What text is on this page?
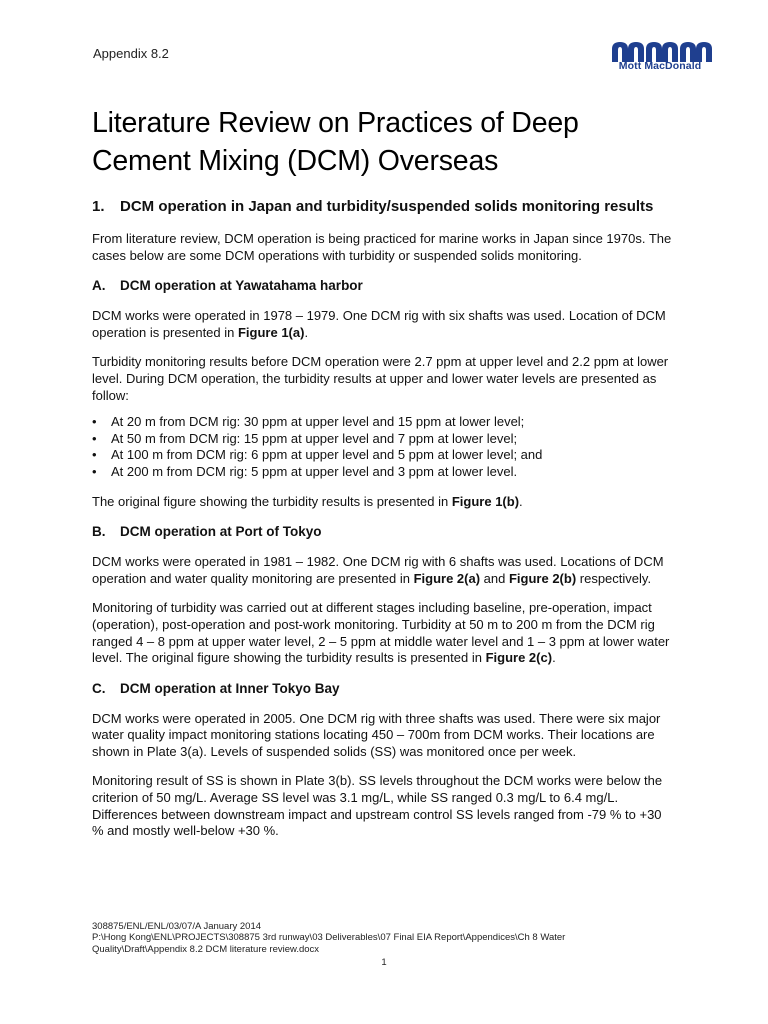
Appendix 8.2
Mott MacDonald
Literature Review on Practices of Deep Cement Mixing (DCM) Overseas
1.	DCM operation in Japan and turbidity/suspended solids monitoring results

From literature review, DCM operation is being practiced for marine works in Japan since 1970s. The cases below are some DCM operations with turbidity or suspended solids monitoring.

A.	DCM operation at Yawatahama harbor

DCM works were operated in 1978 – 1979. One DCM rig with six shafts was used. Location of DCM operation is presented in Figure 1(a).

Turbidity monitoring results before DCM operation were 2.7 ppm at upper level and 2.2 ppm at lower level. During DCM operation, the turbidity results at upper and lower water levels are presented as follow:

• At 20 m from DCM rig: 30 ppm at upper level and 15 ppm at lower level;
• At 50 m from DCM rig: 15 ppm at upper level and 7 ppm at lower level;
• At 100 m from DCM rig: 6 ppm at upper level and 5 ppm at lower level; and
• At 200 m from DCM rig: 5 ppm at upper level and 3 ppm at lower level.

The original figure showing the turbidity results is presented in Figure 1(b).

B.	DCM operation at Port of Tokyo

DCM works were operated in 1981 – 1982. One DCM rig with 6 shafts was used. Locations of DCM operation and water quality monitoring are presented in Figure 2(a) and Figure 2(b) respectively.

Monitoring of turbidity was carried out at different stages including baseline, pre-operation, impact (operation), post-operation and post-work monitoring. Turbidity at 50 m to 200 m from the DCM rig ranged 4 – 8 ppm at upper water level, 2 – 5 ppm at middle water level and 1 – 3 ppm at lower water level. The original figure showing the turbidity results is presented in Figure 2(c).

C.	DCM operation at Inner Tokyo Bay

DCM works were operated in 2005. One DCM rig with three shafts was used. There were six major water quality impact monitoring stations locating 450 – 700m from DCM works. Their locations are shown in Plate 3(a). Levels of suspended solids (SS) was monitored once per week.

Monitoring result of SS is shown in Plate 3(b). SS levels throughout the DCM works were below the criterion of 50 mg/L. Average SS level was 3.1 mg/L, while SS ranged 0.3 mg/L to 6.4 mg/L. Differences between downstream impact and upstream control SS levels ranged from -79 % to +30 % and mostly well-below +30 %.

308875/ENL/ENL/03/07/A January 2014
P:\Hong Kong\ENL\PROJECTS\308875 3rd runway\03 Deliverables\07 Final EIA Report\Appendices\Ch 8 Water Quality\Draft\Appendix 8.2 DCM literature review.docx
1
